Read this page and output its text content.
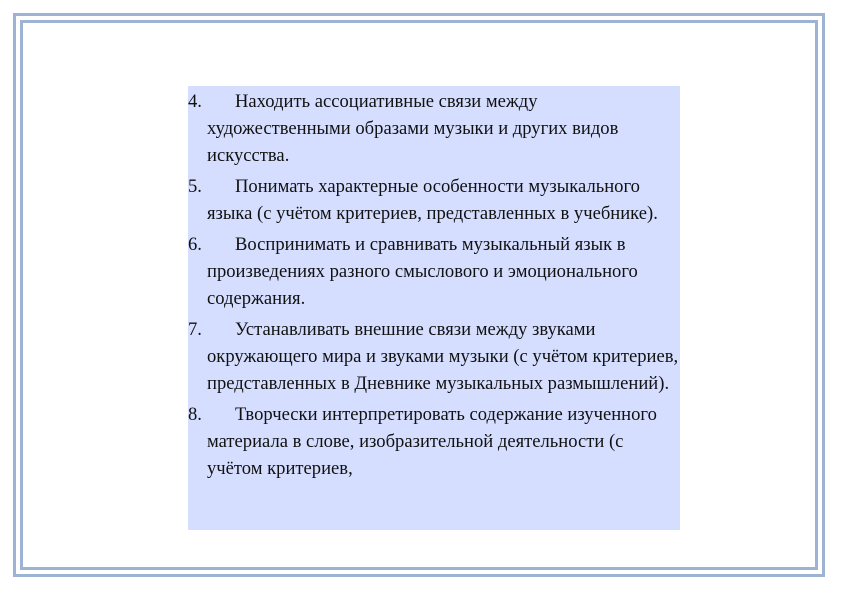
4.	Находить ассоциативные связи между художественными образами музыки и других видов искусства.
5.	Понимать характерные особенности музыкального языка (с учётом критериев, представленных в учебнике).
6.	Воспринимать и сравнивать музыкальный язык в произведениях разного смыслового и эмоционального содержания.
7.	Устанавливать внешние связи между звуками окружающего мира и звуками музыки (с учётом критериев, представленных в Дневнике музыкальных размышлений).
8.	Творчески интерпретировать содержание изученного материала в слове, изобразительной деятельности (с учётом критериев,
